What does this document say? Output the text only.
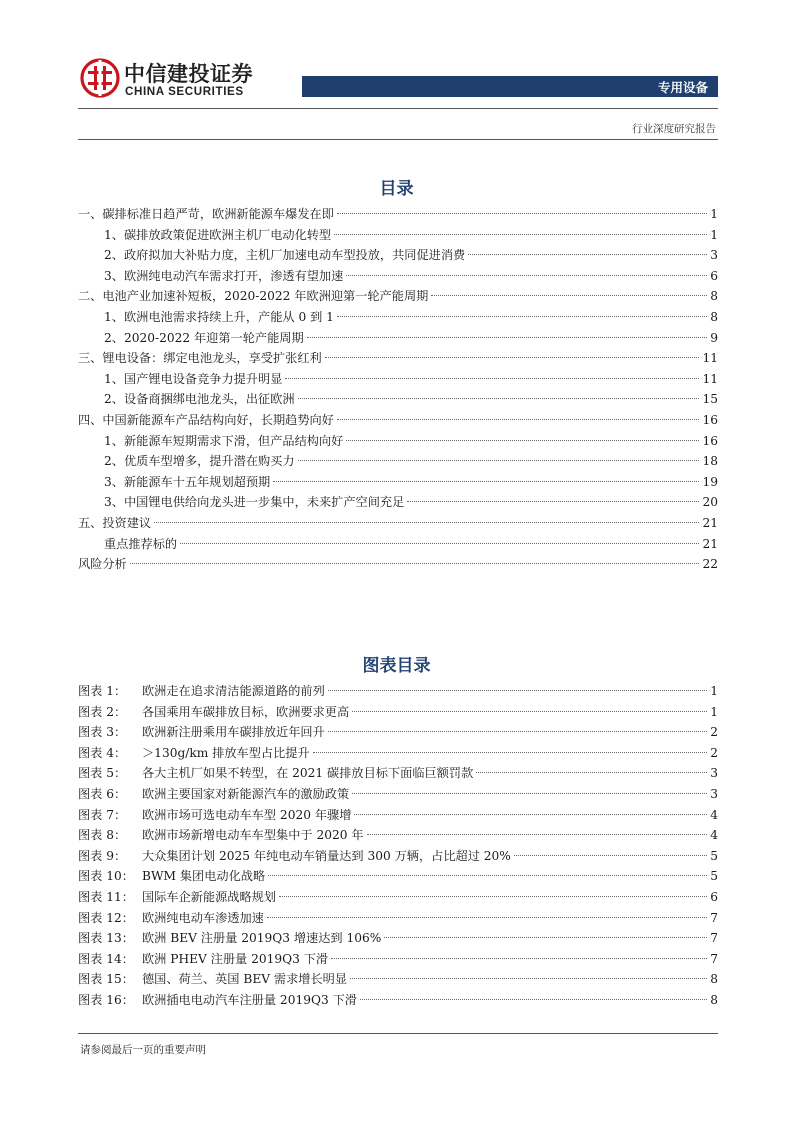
中信建投证券
CHINA SECURITIES	专用设备
行业深度研究报告
目录
一、碳排标准日趋严苛，欧洲新能源车爆发在即	1
1、碳排放政策促进欧洲主机厂电动化转型	1
2、政府拟加大补贴力度，主机厂加速电动车型投放，共同促进消费	3
3、欧洲纯电动汽车需求打开，渗透有望加速	6
二、电池产业加速补短板，2020-2022 年欧洲迎第一轮产能周期	8
1、欧洲电池需求持续上升，产能从 0 到 1	8
2、2020-2022 年迎第一轮产能周期	9
三、锂电设备：绑定电池龙头，享受扩张红利	11
1、国产锂电设备竞争力提升明显	11
2、设备商捆绑电池龙头，出征欧洲	15
四、中国新能源车产品结构向好，长期趋势向好	16
1、新能源车短期需求下滑，但产品结构向好	16
2、优质车型增多，提升潜在购买力	18
3、新能源车十五年规划超预期	19
3、中国锂电供给向龙头进一步集中，未来扩产空间充足	20
五、投资建议	21
重点推荐标的	21
风险分析	22
图表目录
图表 1： 欧洲走在追求清洁能源道路的前列	1
图表 2： 各国乘用车碳排放目标，欧洲要求更高	1
图表 3： 欧洲新注册乘用车碳排放近年回升	2
图表 4： ＞130g/km 排放车型占比提升	2
图表 5： 各大主机厂如果不转型，在 2021 碳排放目标下面临巨额罚款	3
图表 6： 欧洲主要国家对新能源汽车的激励政策	3
图表 7： 欧洲市场可选电动车车型 2020 年骤增	4
图表 8： 欧洲市场新增电动车车型集中于 2020 年	4
图表 9： 大众集团计划 2025 年纯电动车销量达到 300 万辆，占比超过 20%	5
图表 10： BWM 集团电动化战略	5
图表 11： 国际车企新能源战略规划	6
图表 12： 欧洲纯电动车渗透加速	7
图表 13： 欧洲 BEV 注册量 2019Q3 增速达到 106%	7
图表 14： 欧洲 PHEV 注册量 2019Q3 下滑	7
图表 15： 德国、荷兰、英国 BEV 需求增长明显	8
图表 16： 欧洲插电电动汽车注册量 2019Q3 下滑	8
请参阅最后一页的重要声明
